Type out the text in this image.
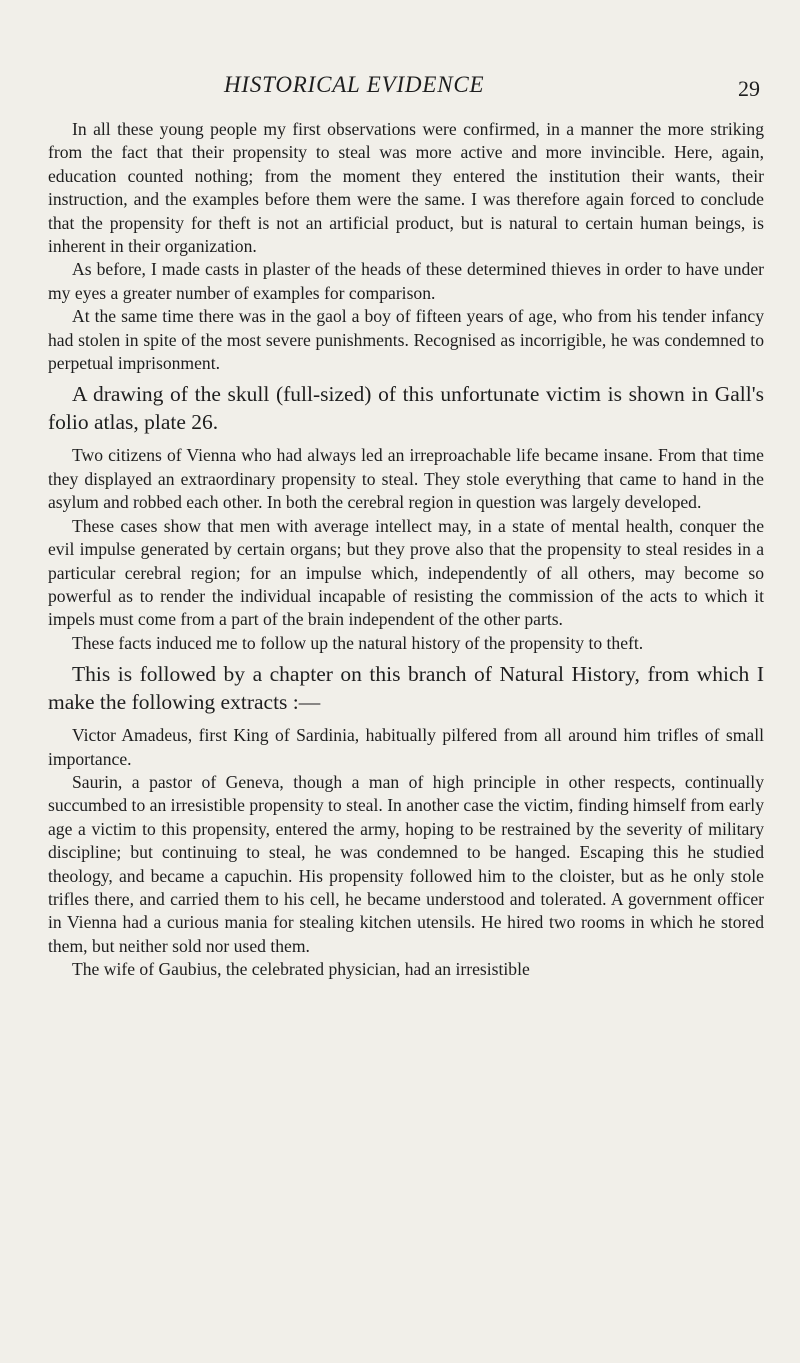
HISTORICAL EVIDENCE	29

In all these young people my first observations were confirmed, in a manner the more striking from the fact that their propensity to steal was more active and more invincible. Here, again, education counted nothing; from the moment they entered the institution their wants, their instruction, and the examples before them were the same. I was therefore again forced to conclude that the propensity for theft is not an artificial product, but is natural to certain human beings, is inherent in their organization.

As before, I made casts in plaster of the heads of these determined thieves in order to have under my eyes a greater number of examples for comparison.

At the same time there was in the gaol a boy of fifteen years of age, who from his tender infancy had stolen in spite of the most severe punishments. Recognised as incorrigible, he was condemned to perpetual imprisonment.

A drawing of the skull (full-sized) of this unfortunate victim is shown in Gall's folio atlas, plate 26.

Two citizens of Vienna who had always led an irreproachable life became insane. From that time they displayed an extraordinary propensity to steal. They stole everything that came to hand in the asylum and robbed each other. In both the cerebral region in question was largely developed.

These cases show that men with average intellect may, in a state of mental health, conquer the evil impulse generated by certain organs; but they prove also that the propensity to steal resides in a particular cerebral region; for an impulse which, independently of all others, may become so powerful as to render the individual incapable of resisting the commission of the acts to which it impels must come from a part of the brain independent of the other parts.

These facts induced me to follow up the natural history of the propensity to theft.

This is followed by a chapter on this branch of Natural History, from which I make the following extracts :—

Victor Amadeus, first King of Sardinia, habitually pilfered from all around him trifles of small importance.

Saurin, a pastor of Geneva, though a man of high principle in other respects, continually succumbed to an irresistible propensity to steal. In another case the victim, finding himself from early age a victim to this propensity, entered the army, hoping to be restrained by the severity of military discipline; but continuing to steal, he was condemned to be hanged. Escaping this he studied theology, and became a capuchin. His propensity followed him to the cloister, but as he only stole trifles there, and carried them to his cell, he became understood and tolerated. A government officer in Vienna had a curious mania for stealing kitchen utensils. He hired two rooms in which he stored them, but neither sold nor used them.

The wife of Gaubius, the celebrated physician, had an irresistible
